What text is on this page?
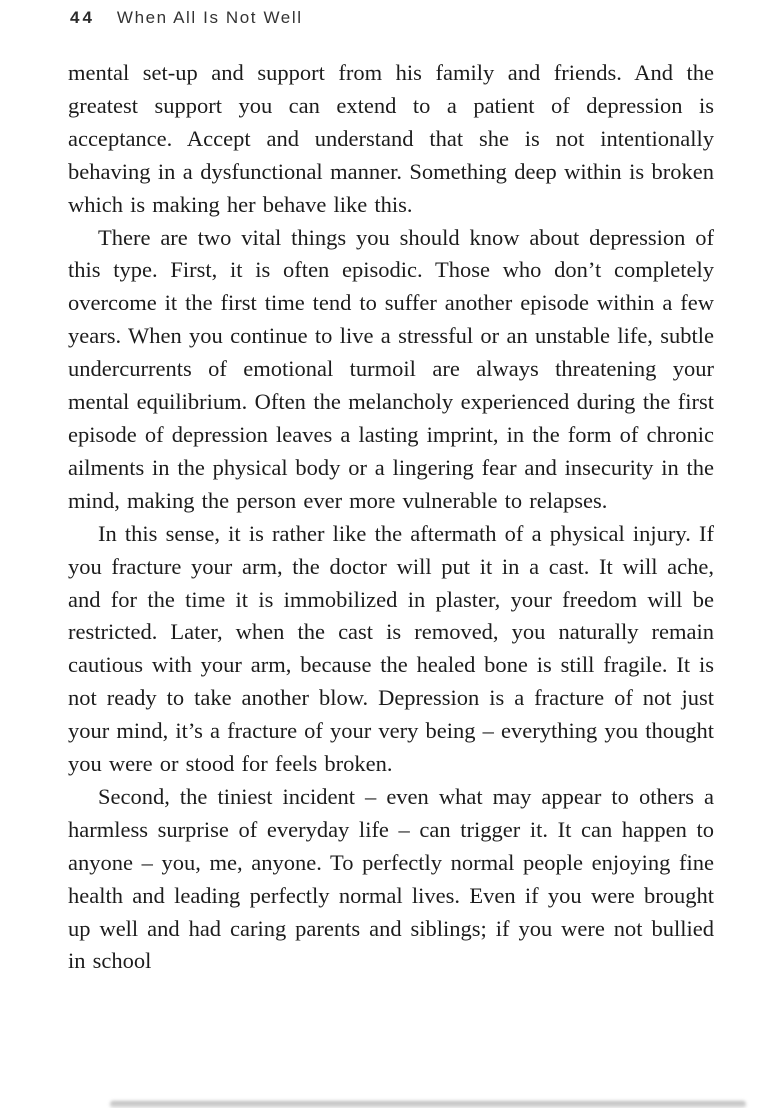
44 When All Is Not Well

mental set-up and support from his family and friends. And the greatest support you can extend to a patient of depression is acceptance. Accept and understand that she is not intentionally behaving in a dysfunctional manner. Something deep within is broken which is making her behave like this.

There are two vital things you should know about depression of this type. First, it is often episodic. Those who don’t completely overcome it the first time tend to suffer another episode within a few years. When you continue to live a stressful or an unstable life, subtle undercurrents of emotional turmoil are always threatening your mental equilibrium. Often the melancholy experienced during the first episode of depression leaves a lasting imprint, in the form of chronic ailments in the physical body or a lingering fear and insecurity in the mind, making the person ever more vulnerable to relapses.

In this sense, it is rather like the aftermath of a physical injury. If you fracture your arm, the doctor will put it in a cast. It will ache, and for the time it is immobilized in plaster, your freedom will be restricted. Later, when the cast is removed, you naturally remain cautious with your arm, because the healed bone is still fragile. It is not ready to take another blow. Depression is a fracture of not just your mind, it’s a fracture of your very being – everything you thought you were or stood for feels broken.

Second, the tiniest incident – even what may appear to others a harmless surprise of everyday life – can trigger it. It can happen to anyone – you, me, anyone. To perfectly normal people enjoying fine health and leading perfectly normal lives. Even if you were brought up well and had caring parents and siblings; if you were not bullied in school
